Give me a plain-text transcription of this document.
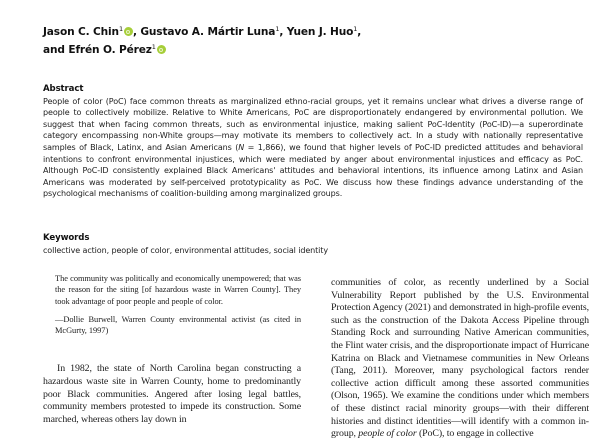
Jason C. Chin$^1$ , Gustavo A. Mártir Luna$^1$, Yuen J. Huo$^1$,
and Efrén O. Pérez$^1$
Abstract

People of color (PoC) face common threats as marginalized ethno-racial groups, yet it remains unclear what drives a diverse range of people to collectively mobilize. Relative to White Americans, PoC are disproportionately endangered by environmental pollution. We suggest that when facing common threats, such as environmental injustice, making salient PoC-Identity (PoC-ID)—a superordinate category encompassing non-White groups—may motivate its members to collectively act. In a study with nationally representative samples of Black, Latinx, and Asian Americans (N = 1,866), we found that higher levels of PoC-ID predicted attitudes and behavioral intentions to confront environmental injustices, which were mediated by anger about environmental injustices and efficacy as PoC. Although PoC-ID consistently explained Black Americans' attitudes and behavioral intentions, its influence among Latinx and Asian Americans was moderated by self-perceived prototypicality as PoC. We discuss how these findings advance understanding of the psychological mechanisms of coalition-building among marginalized groups.

Keywords

collective action, people of color, environmental attitudes, social identity

The community was politically and economically unempowered; that was the reason for the siting [of hazardous waste in Warren County]. They took advantage of poor people and people of color.

—Dollie Burwell, Warren County environmental activist (as cited in McGurty, 1997)

In 1982, the state of North Carolina began constructing a hazardous waste site in Warren County, home to predominantly poor Black communities. Angered after losing legal battles, community members protested to impede its construction. Some marched, whereas others lay down in

communities of color, as recently underlined by a Social Vulnerability Report published by the U.S. Environmental Protection Agency (2021) and demonstrated in high-profile events, such as the construction of the Dakota Access Pipeline through Standing Rock and surrounding Native American communities, the Flint water crisis, and the disproportionate impact of Hurricane Katrina on Black and Vietnamese communities in New Orleans (Tang, 2011). Moreover, many psychological factors render collective action difficult among these assorted communities (Olson, 1965). We examine the conditions under which members of these distinct racial minority groups—with their different histories and distinct identities—will identify with a common in-group, people of color (PoC), to engage in collective
